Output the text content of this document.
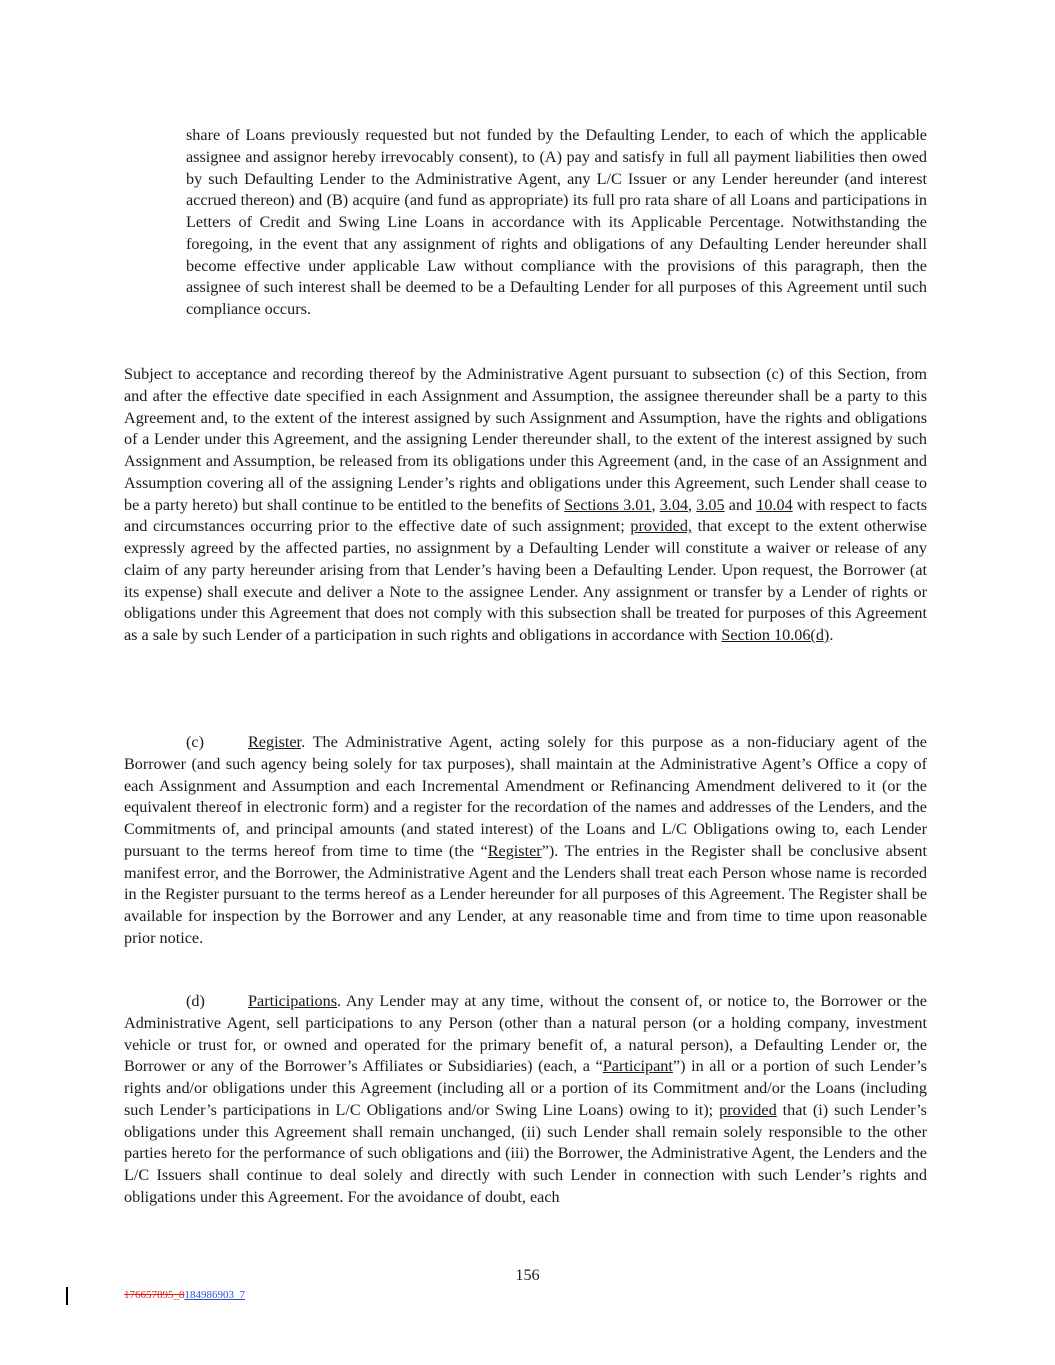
share of Loans previously requested but not funded by the Defaulting Lender, to each of which the applicable assignee and assignor hereby irrevocably consent), to (A) pay and satisfy in full all payment liabilities then owed by such Defaulting Lender to the Administrative Agent, any L/C Issuer or any Lender hereunder (and interest accrued thereon) and (B) acquire (and fund as appropriate) its full pro rata share of all Loans and participations in Letters of Credit and Swing Line Loans in accordance with its Applicable Percentage. Notwithstanding the foregoing, in the event that any assignment of rights and obligations of any Defaulting Lender hereunder shall become effective under applicable Law without compliance with the provisions of this paragraph, then the assignee of such interest shall be deemed to be a Defaulting Lender for all purposes of this Agreement until such compliance occurs.

Subject to acceptance and recording thereof by the Administrative Agent pursuant to subsection (c) of this Section, from and after the effective date specified in each Assignment and Assumption, the assignee thereunder shall be a party to this Agreement and, to the extent of the interest assigned by such Assignment and Assumption, have the rights and obligations of a Lender under this Agreement, and the assigning Lender thereunder shall, to the extent of the interest assigned by such Assignment and Assumption, be released from its obligations under this Agreement (and, in the case of an Assignment and Assumption covering all of the assigning Lender’s rights and obligations under this Agreement, such Lender shall cease to be a party hereto) but shall continue to be entitled to the benefits of Sections 3.01, 3.04, 3.05 and 10.04 with respect to facts and circumstances occurring prior to the effective date of such assignment; provided, that except to the extent otherwise expressly agreed by the affected parties, no assignment by a Defaulting Lender will constitute a waiver or release of any claim of any party hereunder arising from that Lender’s having been a Defaulting Lender. Upon request, the Borrower (at its expense) shall execute and deliver a Note to the assignee Lender. Any assignment or transfer by a Lender of rights or obligations under this Agreement that does not comply with this subsection shall be treated for purposes of this Agreement as a sale by such Lender of a participation in such rights and obligations in accordance with Section 10.06(d).

(c)	Register. The Administrative Agent, acting solely for this purpose as a non-fiduciary agent of the Borrower (and such agency being solely for tax purposes), shall maintain at the Administrative Agent’s Office a copy of each Assignment and Assumption and each Incremental Amendment or Refinancing Amendment delivered to it (or the equivalent thereof in electronic form) and a register for the recordation of the names and addresses of the Lenders, and the Commitments of, and principal amounts (and stated interest) of the Loans and L/C Obligations owing to, each Lender pursuant to the terms hereof from time to time (the “Register”). The entries in the Register shall be conclusive absent manifest error, and the Borrower, the Administrative Agent and the Lenders shall treat each Person whose name is recorded in the Register pursuant to the terms hereof as a Lender hereunder for all purposes of this Agreement. The Register shall be available for inspection by the Borrower and any Lender, at any reasonable time and from time to time upon reasonable prior notice.

(d)	Participations. Any Lender may at any time, without the consent of, or notice to, the Borrower or the Administrative Agent, sell participations to any Person (other than a natural person (or a holding company, investment vehicle or trust for, or owned and operated for the primary benefit of, a natural person), a Defaulting Lender or, the Borrower or any of the Borrower’s Affiliates or Subsidiaries) (each, a “Participant”) in all or a portion of such Lender’s rights and/or obligations under this Agreement (including all or a portion of its Commitment and/or the Loans (including such Lender’s participations in L/C Obligations and/or Swing Line Loans) owing to it); provided that (i) such Lender’s obligations under this Agreement shall remain unchanged, (ii) such Lender shall remain solely responsible to the other parties hereto for the performance of such obligations and (iii) the Borrower, the Administrative Agent, the Lenders and the L/C Issuers shall continue to deal solely and directly with such Lender in connection with such Lender’s rights and obligations under this Agreement. For the avoidance of doubt, each

156
176657895_8184986903_7
